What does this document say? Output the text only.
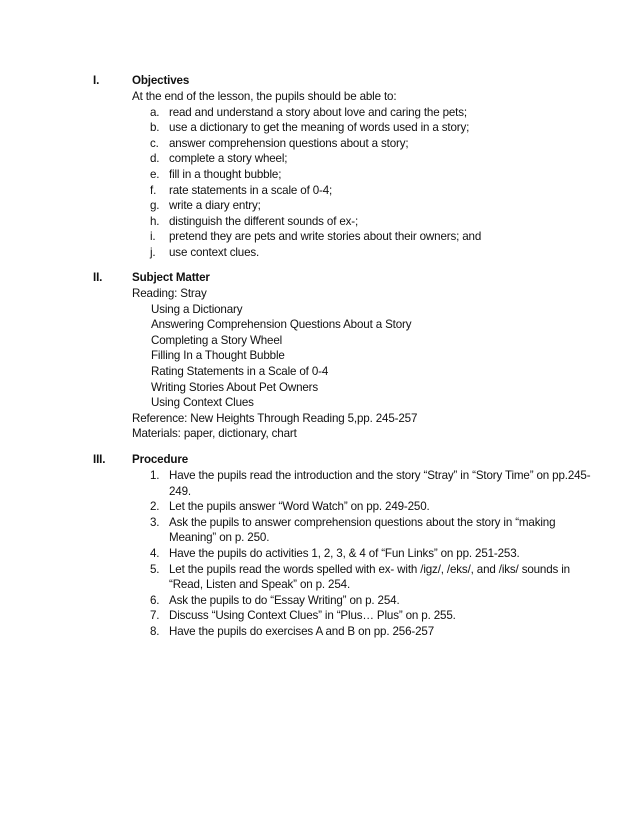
I.	Objectives
At the end of the lesson, the pupils should be able to:
a. read and understand a story about love and caring the pets;
b. use a dictionary to get the meaning of words used in a story;
c. answer comprehension questions about a story;
d. complete a story wheel;
e. fill in a thought bubble;
f.	rate statements in a scale of 0-4;
g. write a diary entry;
h. distinguish the different sounds of ex-;
i.	pretend they are pets and write stories about their owners; and
j.	use context clues.
II.	Subject Matter
Reading: Stray
Using a Dictionary
Answering Comprehension Questions About a Story
Completing a Story Wheel
Filling In a Thought Bubble
Rating Statements in a Scale of 0-4
Writing Stories About Pet Owners
Using Context Clues
Reference: New Heights Through Reading 5,pp. 245-257
Materials: paper, dictionary, chart
III. Procedure
1. Have the pupils read the introduction and the story “Stray” in “Story Time” on pp.245-249.
2. Let the pupils answer “Word Watch” on pp. 249-250.
3. Ask the pupils to answer comprehension questions about the story in “making Meaning” on p. 250.
4. Have the pupils do activities 1, 2, 3, & 4 of “Fun Links” on pp. 251-253.
5. Let the pupils read the words spelled with ex- with /igz/, /eks/, and /iks/ sounds in “Read, Listen and Speak” on p. 254.
6. Ask the pupils to do “Essay Writing” on p. 254.
7. Discuss “Using Context Clues” in “Plus… Plus” on p. 255.
8. Have the pupils do exercises A and B on pp. 256-257
